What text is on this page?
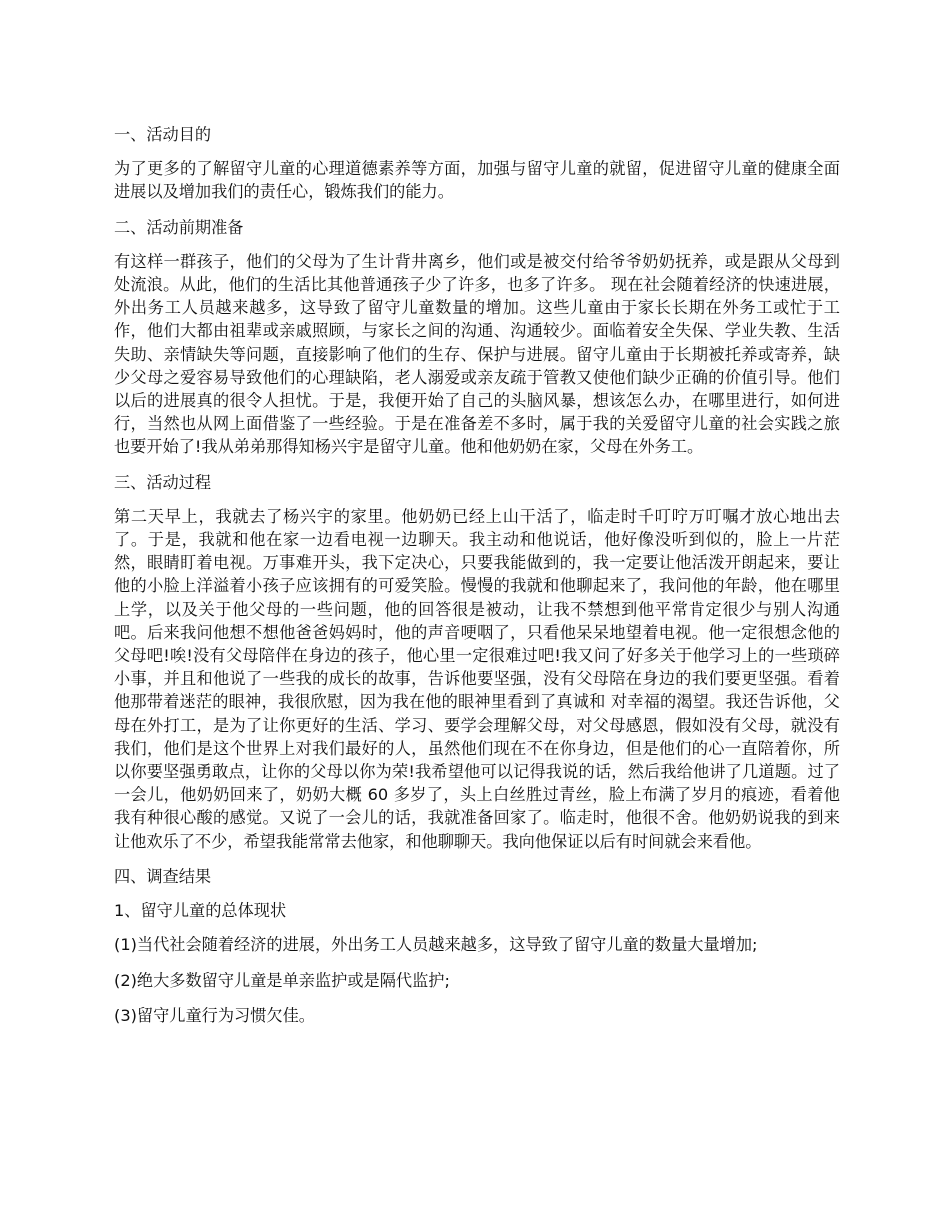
一、活动目的

为了更多的了解留守儿童的心理道德素养等方面，加强与留守儿童的就留，促进留守儿童的健康全面进展以及增加我们的责任心，锻炼我们的能力。

二、活动前期准备

有这样一群孩子，他们的父母为了生计背井离乡，他们或是被交付给爷爷奶奶抚养，或是跟从父母到处流浪。从此，他们的生活比其他普通孩子少了许多，也多了许多。 现在社会随着经济的快速进展，外出务工人员越来越多，这导致了留守儿童数量的增加。这些儿童由于家长长期在外务工或忙于工作，他们大都由祖辈或亲戚照顾，与家长之间的沟通、沟通较少。面临着安全失保、学业失教、生活失助、亲情缺失等问题，直接影响了他们的生存、保护与进展。留守儿童由于长期被托养或寄养，缺少父母之爱容易导致他们的心理缺陷，老人溺爱或亲友疏于管教又使他们缺少正确的价值引导。他们以后的进展真的很令人担忧。于是，我便开始了自己的头脑风暴，想该怎么办，在哪里进行，如何进行，当然也从网上面借鉴了一些经验。于是在准备差不多时，属于我的关爱留守儿童的社会实践之旅也要开始了!我从弟弟那得知杨兴宇是留守儿童。他和他奶奶在家，父母在外务工。

三、活动过程

第二天早上，我就去了杨兴宇的家里。他奶奶已经上山干活了，临走时千叮咛万叮嘱才放心地出去了。于是，我就和他在家一边看电视一边聊天。我主动和他说话，他好像没听到似的，脸上一片茫然，眼睛盯着电视。万事难开头，我下定决心，只要我能做到的，我一定要让他活泼开朗起来，要让他的小脸上洋溢着小孩子应该拥有的可爱笑脸。慢慢的我就和他聊起来了，我问他的年龄，他在哪里上学，以及关于他父母的一些问题，他的回答很是被动，让我不禁想到他平常肯定很少与别人沟通吧。后来我问他想不想他爸爸妈妈时，他的声音哽咽了，只看他呆呆地望着电视。他一定很想念他的父母吧!唉!没有父母陪伴在身边的孩子，他心里一定很难过吧!我又问了好多关于他学习上的一些琐碎小事，并且和他说了一些我的成长的故事，告诉他要坚强，没有父母陪在身边的我们要更坚强。看着他那带着迷茫的眼神，我很欣慰，因为我在他的眼神里看到了真诚和 对幸福的渴望。我还告诉他，父母在外打工，是为了让你更好的生活、学习、要学会理解父母，对父母感恩，假如没有父母，就没有我们，他们是这个世界上对我们最好的人，虽然他们现在不在你身边，但是他们的心一直陪着你，所以你要坚强勇敢点，让你的父母以你为荣!我希望他可以记得我说的话，然后我给他讲了几道题。过了一会儿，他奶奶回来了，奶奶大概 60 多岁了，头上白丝胜过青丝，脸上布满了岁月的痕迹，看着他我有种很心酸的感觉。又说了一会儿的话，我就准备回家了。临走时，他很不舍。他奶奶说我的到来让他欢乐了不少，希望我能常常去他家，和他聊聊天。我向他保证以后有时间就会来看他。

四、调查结果

1、留守儿童的总体现状

(1)当代社会随着经济的进展，外出务工人员越来越多，这导致了留守儿童的数量大量增加;

(2)绝大多数留守儿童是单亲监护或是隔代监护;

(3)留守儿童行为习惯欠佳。
